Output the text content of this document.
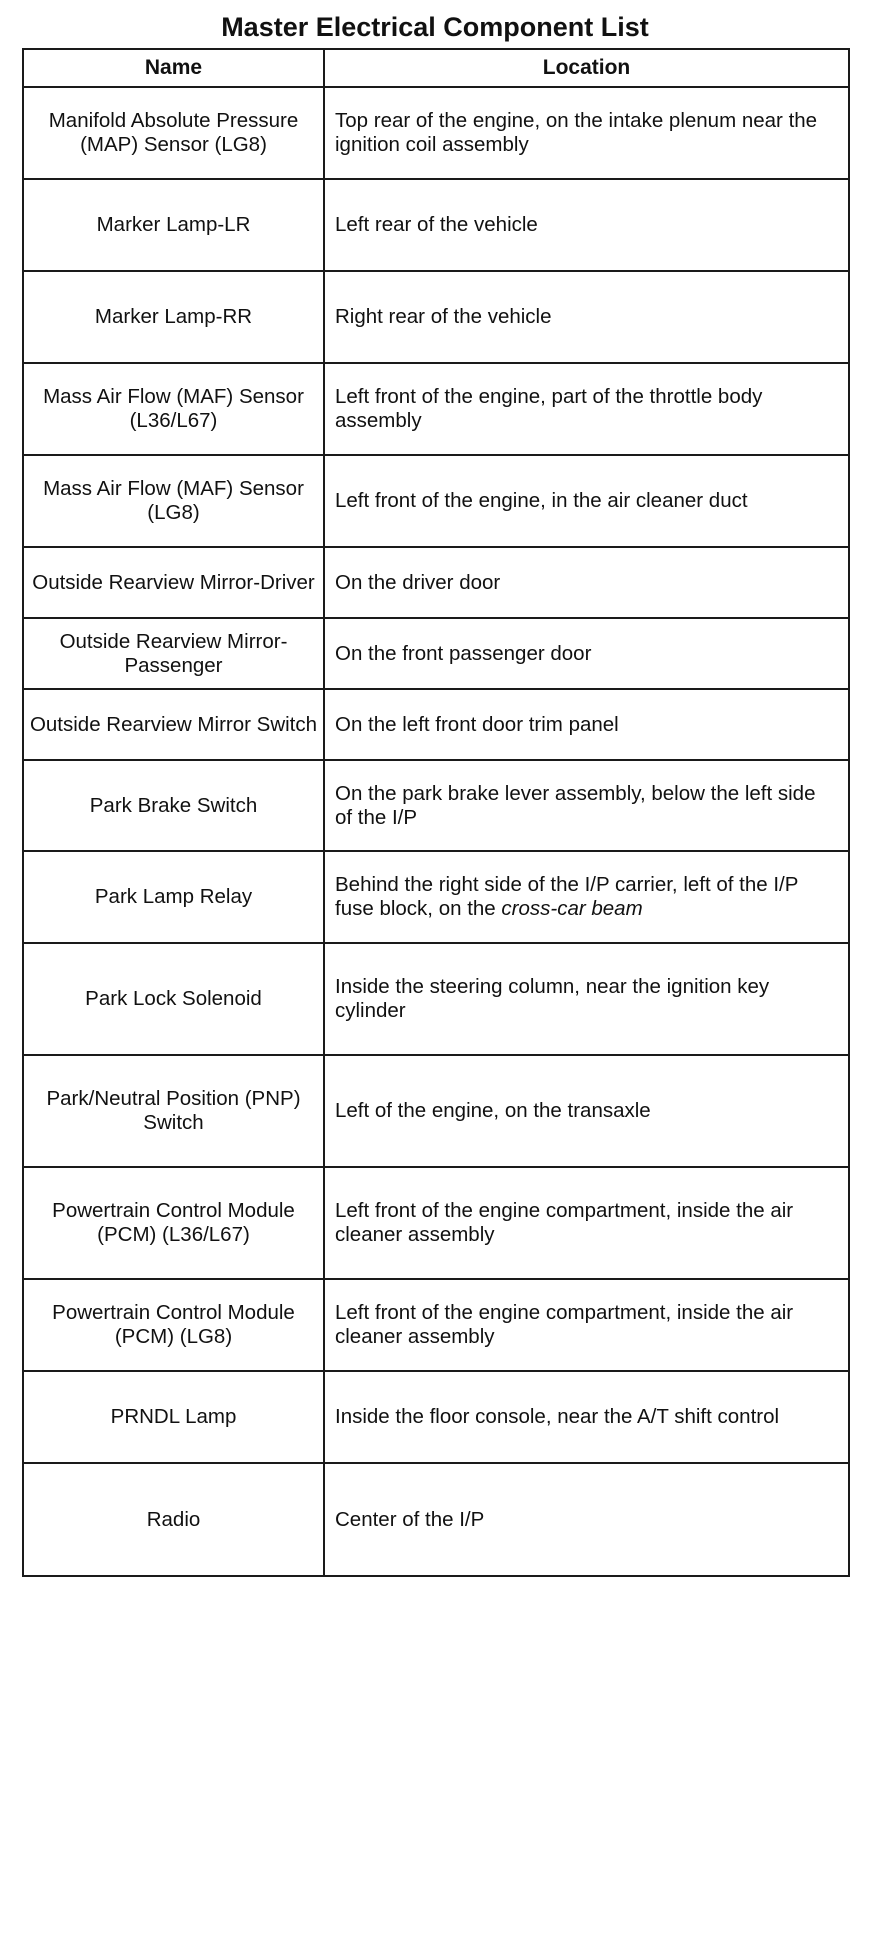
Master Electrical Component List
Name	Location
Manifold Absolute Pressure (MAP) Sensor (LG8)	Top rear of the engine, on the intake plenum near the ignition coil assembly
Marker Lamp-LR	Left rear of the vehicle
Marker Lamp-RR	Right rear of the vehicle
Mass Air Flow (MAF) Sensor (L36/L67)	Left front of the engine, part of the throttle body assembly
Mass Air Flow (MAF) Sensor (LG8)	Left front of the engine, in the air cleaner duct
Outside Rearview Mirror-Driver	On the driver door
Outside Rearview Mirror-Passenger	On the front passenger door
Outside Rearview Mirror Switch	On the left front door trim panel
Park Brake Switch	On the park brake lever assembly, below the left side of the I/P
Park Lamp Relay	Behind the right side of the I/P carrier, left of the I/P fuse block, on the cross-car beam
Park Lock Solenoid	Inside the steering column, near the ignition key cylinder
Park/Neutral Position (PNP) Switch	Left of the engine, on the transaxle
Powertrain Control Module (PCM) (L36/L67)	Left front of the engine compartment, inside the air cleaner assembly
Powertrain Control Module (PCM) (LG8)	Left front of the engine compartment, inside the air cleaner assembly
PRNDL Lamp	Inside the floor console, near the A/T shift control
Radio	Center of the I/P
